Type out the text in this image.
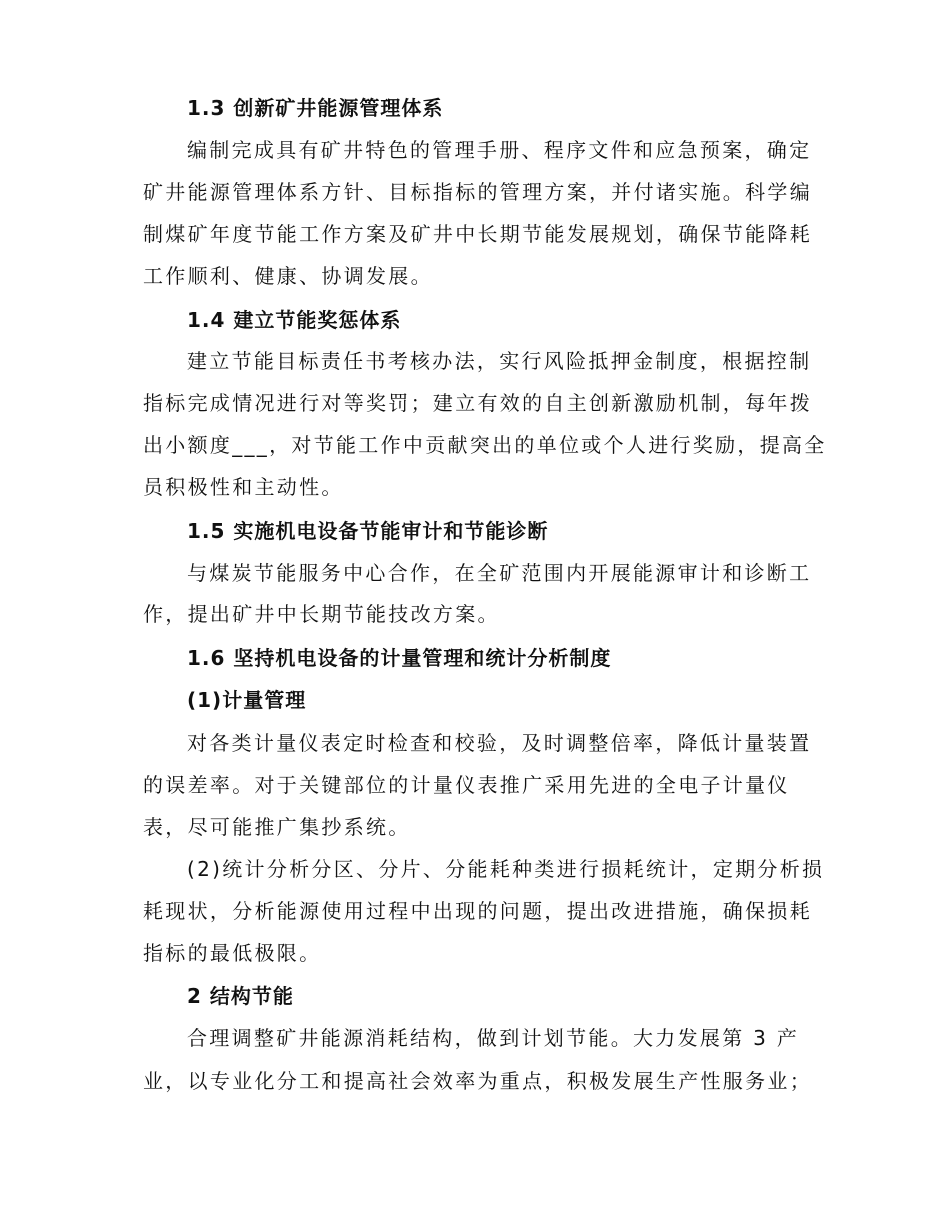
1.3 创新矿井能源管理体系
编制完成具有矿井特色的管理手册、程序文件和应急预案，确定
矿井能源管理体系方针、目标指标的管理方案，并付诸实施。科学编
制煤矿年度节能工作方案及矿井中长期节能发展规划，确保节能降耗
工作顺利、健康、协调发展。
1.4 建立节能奖惩体系
建立节能目标责任书考核办法，实行风险抵押金制度，根据控制
指标完成情况进行对等奖罚；建立有效的自主创新激励机制，每年拨
出小额度___，对节能工作中贡献突出的单位或个人进行奖励，提高全
员积极性和主动性。
1.5 实施机电设备节能审计和节能诊断
与煤炭节能服务中心合作，在全矿范围内开展能源审计和诊断工
作，提出矿井中长期节能技改方案。
1.6 坚持机电设备的计量管理和统计分析制度
(1)计量管理
对各类计量仪表定时检查和校验，及时调整倍率，降低计量装置
的误差率。对于关键部位的计量仪表推广采用先进的全电子计量仪
表，尽可能推广集抄系统。
(2)统计分析分区、分片、分能耗种类进行损耗统计，定期分析损
耗现状，分析能源使用过程中出现的问题，提出改进措施，确保损耗
指标的最低极限。
2 结构节能
合理调整矿井能源消耗结构，做到计划节能。大力发展第 3 产
业，以专业化分工和提高社会效率为重点，积极发展生产性服务业；
